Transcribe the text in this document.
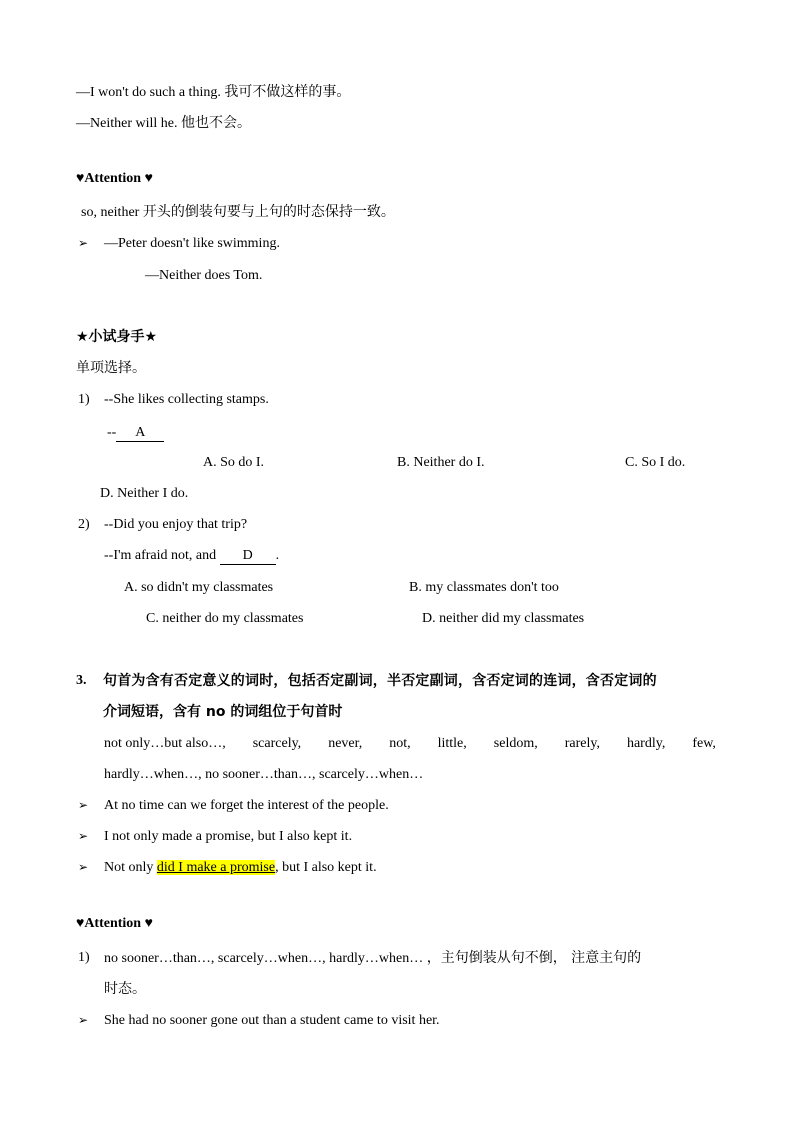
—I won't do such a thing. 我可不做这样的事。
—Neither will he. 他也不会。
♥Attention ♥
so, neither 开头的倒装句要与上句的时态保持一致。
➢ —Peter doesn't like swimming.
—Neither does Tom.
★小试身手★
单项选择。
1) --She likes collecting stamps.
-- A
A. So do I.	B. Neither do I.	C. So I do.
D. Neither I do.
2) --Did you enjoy that trip?
--I'm afraid not, and D .
A. so didn't my classmates	B. my classmates don't too
C. neither do my classmates	D. neither did my classmates
3. 句首为含有否定意义的词时，包括否定副词，半否定副词，含否定词的连词，含否定词的
介词短语，含有 no 的词组位于句首时
not only…but also…, scarcely, never, not, little, seldom, rarely, hardly, few,
hardly…when…, no sooner…than…, scarcely…when…
➢ At no time can we forget the interest of the people.
➢ I not only made a promise, but I also kept it.
➢ Not only did I make a promise, but I also kept it.
♥Attention ♥
1) no sooner…than…, scarcely…when…, hardly…when… ，主句倒装从句不倒， 注意主句的
时态。
➢ She had no sooner gone out than a student came to visit her.
